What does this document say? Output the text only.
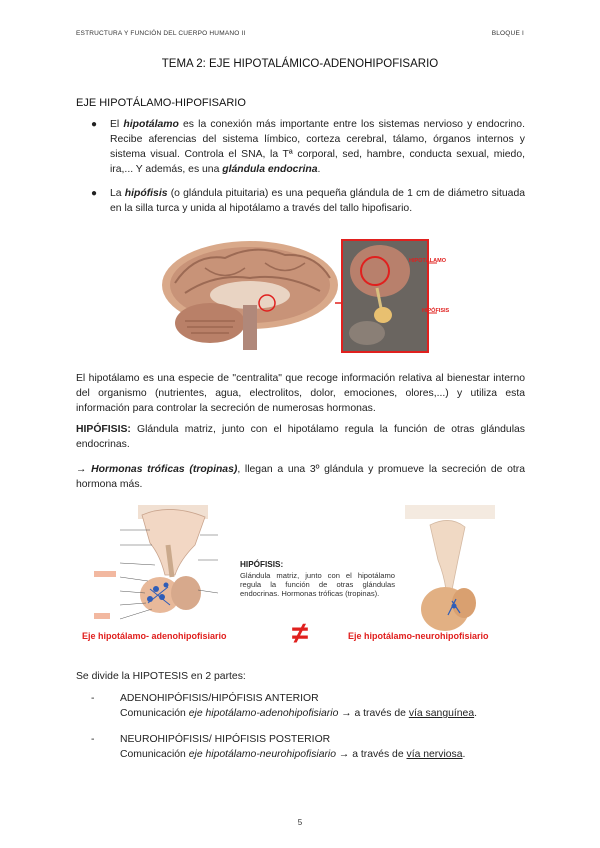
ESTRUCTURA Y FUNCIÓN DEL CUERPO HUMANO II	BLOQUE I
TEMA 2: EJE HIPOTALÁMICO-ADENOHIPOFISARIO
EJE HIPOTÁLAMO-HIPOFISARIO
● El hipotálamo es la conexión más importante entre los sistemas nervioso y endocrino. Recibe aferencias del sistema límbico, corteza cerebral, tálamo, órganos internos y sistema visual. Controla el SNA, la Tª corporal, sed, hambre, conducta sexual, miedo, ira,... Y además, es una glándula endocrina.
● La hipófisis (o glándula pituitaria) es una pequeña glándula de 1 cm de diámetro situada en la silla turca y unida al hipotálamo a través del tallo hipofisario.
HIPOTÁLAMO
HIPÓFISIS
El hipotálamo es una especie de "centralita" que recoge información relativa al bienestar interno del organismo (nutrientes, agua, electrolitos, dolor, emociones, olores,...) y utiliza esta información para controlar la secreción de numerosas hormonas.
HIPÓFISIS: Glándula matriz, junto con el hipotálamo regula la función de otras glándulas endocrinas.
→ Hormonas tróficas (tropinas), llegan a una 3º glándula y promueve la secreción de otra hormona más.
≠
HIPÓFISIS:
Glándula matriz, junto con el hipotálamo regula la función de otras glándulas endocrinas. Hormonas tróficas (tropinas).
Eje hipotálamo- adenohipofisiario	Eje hipotálamo-neurohipofisiario
Se divide la HIPOTESIS en 2 partes:
- ADENOHIPÓFISIS/HIPÓFISIS ANTERIOR
Comunicación eje hipotálamo-adenohipofisiario → a través de vía sanguínea.
- NEUROHIPÓFISIS/ HIPÓFISIS POSTERIOR
Comunicación eje hipotálamo-neurohipofisiario → a través de vía nerviosa.
5
